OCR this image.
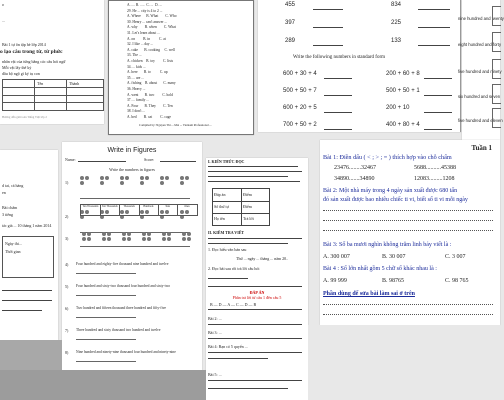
o
...
Bài 1 tự ôn tập hè lớp 2014
o lạo câu trong từ, từ phức
nhân vật của từng bằng các câu hỏi ngữ
Mỗi vật lấy thế kỷ
dầu bộ ngộ gì ký tụ con
Tên	Thành
Hướng dẫn giải toán Tiếng Việt lớp 2
A. .... B. .....  C. ...  D. ...
29. He ... city is 4 to 2 ...
A. Where      B. What        C. Who
30. Henry ... can't answer ...
A. why        B. when        C. What
31. Let's learn about ...
A. on         B. in          C. at
32. I like ... day ...
A. cake       B. cooking     C. well
33. The ...
A. chicken    B. toy         C. lists
34. ... kids ...
A. here       B. to          C. up
35. ... are ...
A. fishing    B. about       C. many
36. Heavy ...
A. went       B. two         C. hold
37. ... family ...
A. Four       B. They        C. Ten
38. I don't ...
A. bed        B. cat         C. cage
Compiled by: Nguyen Thi ... Mai ... Vietnam Professional ...
455	834
397	225
289	133
Write the following numbers in standard form
600 + 30 + 4	200 + 60 + 8
500 + 50 + 7	500 + 50 + 1
600 + 20 + 5	200 + 10
700 + 50 + 2	400 + 80 + 4
nine hundred and twenty
eight hundred and forty
five hundred and ninety
six hundred and seven
five hundred and eleven
d tai, cá hàng
en
Bài chấm
3 tiếng
tác giả ... 10 tháng 1 năm 2014
Ngày thi...
Thời gian
Write in Figures
Name:	Score:
Write the numbers in figures
1)
2)
Ten Thousands	Ten Thousands	Thousands	Hundreds	Tens	Ones
3)
4) Four hundred and eighty-five thousand nine hundred and twelve
5) Four hundred and sixty-two thousand four hundred and sixty-two
6) Two hundred and fifteen thousand three hundred and fifty-five
7) Three hundred and sixty thousand two hundred and twelve
8) Nine hundred and ninety-nine thousand four hundred and ninety-nine
I. KIẾN THỨC ĐỌC
Đáp án	Điểm
Số thứ tự	Điểm
Họ tên	Trả lời
II. KIỂM TRA VIẾT
1. Đọc hiểu văn bản sau
2. Đọc bài sau rồi trả lời câu hỏi
Thứ ... ngày ... tháng ... năm 20..
ĐÁP ÁN
Phần trả lời từ câu 1 đến câu 5
B — D — A — C — D — B
Bài 2: ...
Bài 3: ...
Bài 4: Bạn có 5 quyển ...
Bài 5: ...
Tuần 1
Bài 1: Điền dấu ( < ; > ; = ) thích hợp vào chỗ chấm
23476........32467	5688..........45388
34890.......34890	12083.........1208
Bài 2: Một nhà máy trong 4 ngày sản xuất được 680 tấn
đó sản xuất được bao nhiêu chiếc ti vi, biết số ti vi mỗi ngày
Bài 3: Số ba mươi nghìn không trăm linh bảy viết là :
A. 300 007	B. 30 007	C. 3 007
Bài 4 : Số lớn nhất gồm 5 chữ số khác nhau là :
A. 99 999	B. 98765	C. 98 765
Phần dùng để sửa bài làm sai ở trên
